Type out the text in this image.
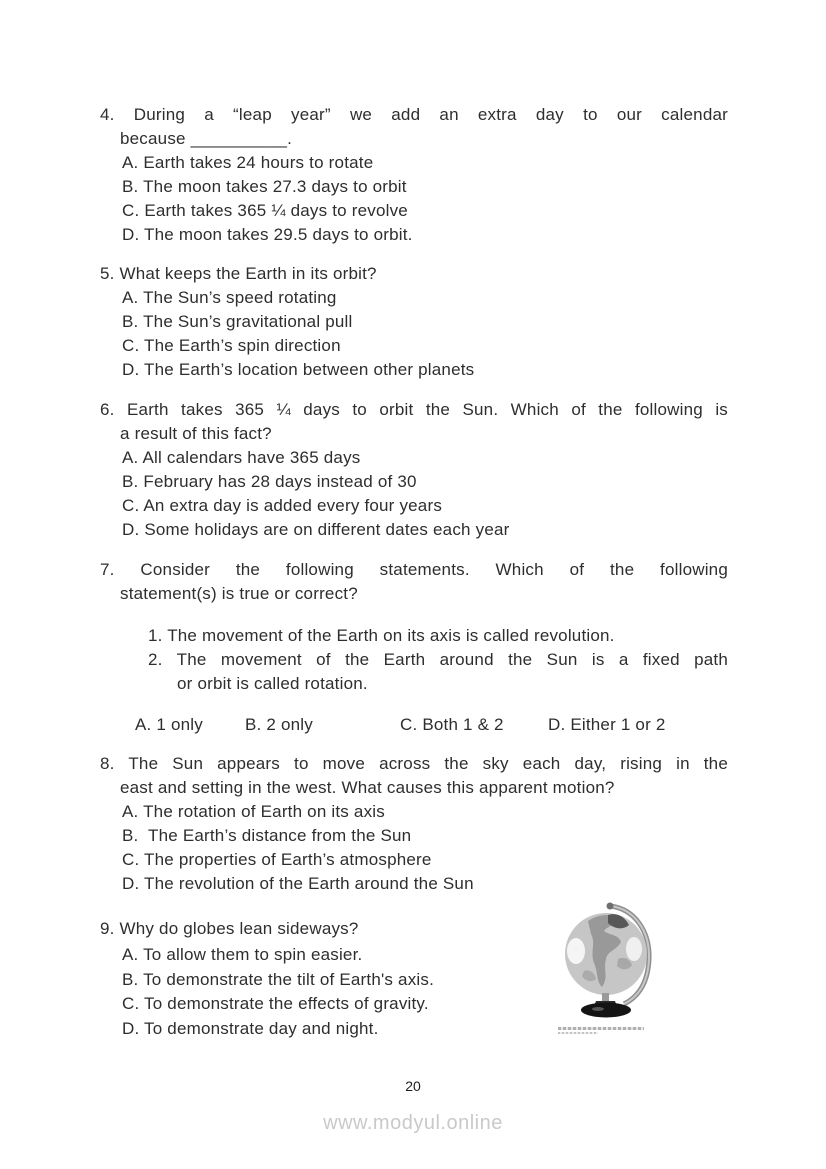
4. During a “leap year” we add an extra day to our calendar
because __________.
A. Earth takes 24 hours to rotate
B. The moon takes 27.3 days to orbit
C. Earth takes 365 ¼ days to revolve
D. The moon takes 29.5 days to orbit.
5. What keeps the Earth in its orbit?
A. The Sun’s speed rotating
B. The Sun’s gravitational pull
C. The Earth’s spin direction
D. The Earth’s location between other planets
6. Earth takes 365 ¼ days to orbit the Sun. Which of the following is
a result of this fact?
A. All calendars have 365 days
B. February has 28 days instead of 30
C. An extra day is added every four years
D. Some holidays are on different dates each year
7. Consider the following statements. Which of the following
statement(s) is true or correct?
1. The movement of the Earth on its axis is called revolution.
2. The movement of the Earth around the Sun is a fixed path
or orbit is called rotation.
A. 1 only B. 2 only	C. Both 1 & 2	D. Either 1 or 2
8. The Sun appears to move across the sky each day, rising in the
east and setting in the west. What causes this apparent motion?
A. The rotation of Earth on its axis
B.  The Earth’s distance from the Sun
C. The properties of Earth’s atmosphere
D. The revolution of the Earth around the Sun
9. Why do globes lean sideways?
A. To allow them to spin easier.
B. To demonstrate the tilt of Earth's axis.
C. To demonstrate the effects of gravity.
D. To demonstrate day and night.
20
www.modyul.online
